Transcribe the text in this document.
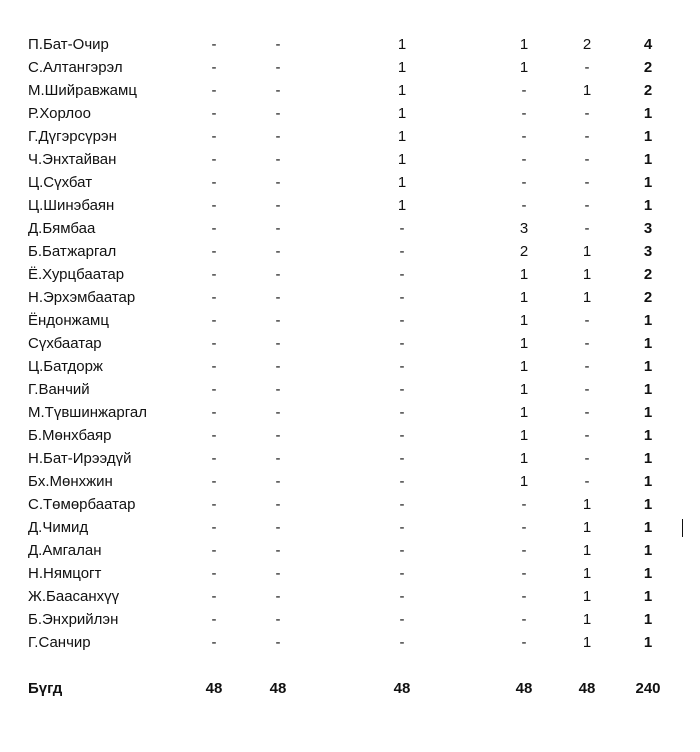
П.Бат-Очир	-	-	1	1	2	4
С.Алтангэрэл	-	-	1	1	-	2
М.Шийравжамц	-	-	1	-	1	2
Р.Хорлоо	-	-	1	-	-	1
Г.Дүгэрсүрэн	-	-	1	-	-	1
Ч.Энхтайван	-	-	1	-	-	1
Ц.Сүхбат	-	-	1	-	-	1
Ц.Шинэбаян	-	-	1	-	-	1
Д.Бямбаа	-	-	-	3	-	3
Б.Батжаргал	-	-	-	2	1	3
Ё.Хурцбаатар	-	-	-	1	1	2
Н.Эрхэмбаатар	-	-	-	1	1	2
Ёндонжамц	-	-	-	1	-	1
Сүхбаатар	-	-	-	1	-	1
Ц.Батдорж	-	-	-	1	-	1
Г.Ванчий	-	-	-	1	-	1
М.Түвшинжаргал	-	-	-	1	-	1
Б.Мөнхбаяр	-	-	-	1	-	1
Н.Бат-Ирээдүй	-	-	-	1	-	1
Бх.Мөнхжин	-	-	-	1	-	1
С.Төмөрбаатар	-	-	-	-	1	1
Д.Чимид	-	-	-	-	1	1
Д.Амгалан	-	-	-	-	1	1
Н.Нямцогт	-	-	-	-	1	1
Ж.Баасанхүү	-	-	-	-	1	1
Б.Энхрийлэн	-	-	-	-	1	1
Г.Санчир	-	-	-	-	1	1
Бүгд	48	48	48	48	48	240
